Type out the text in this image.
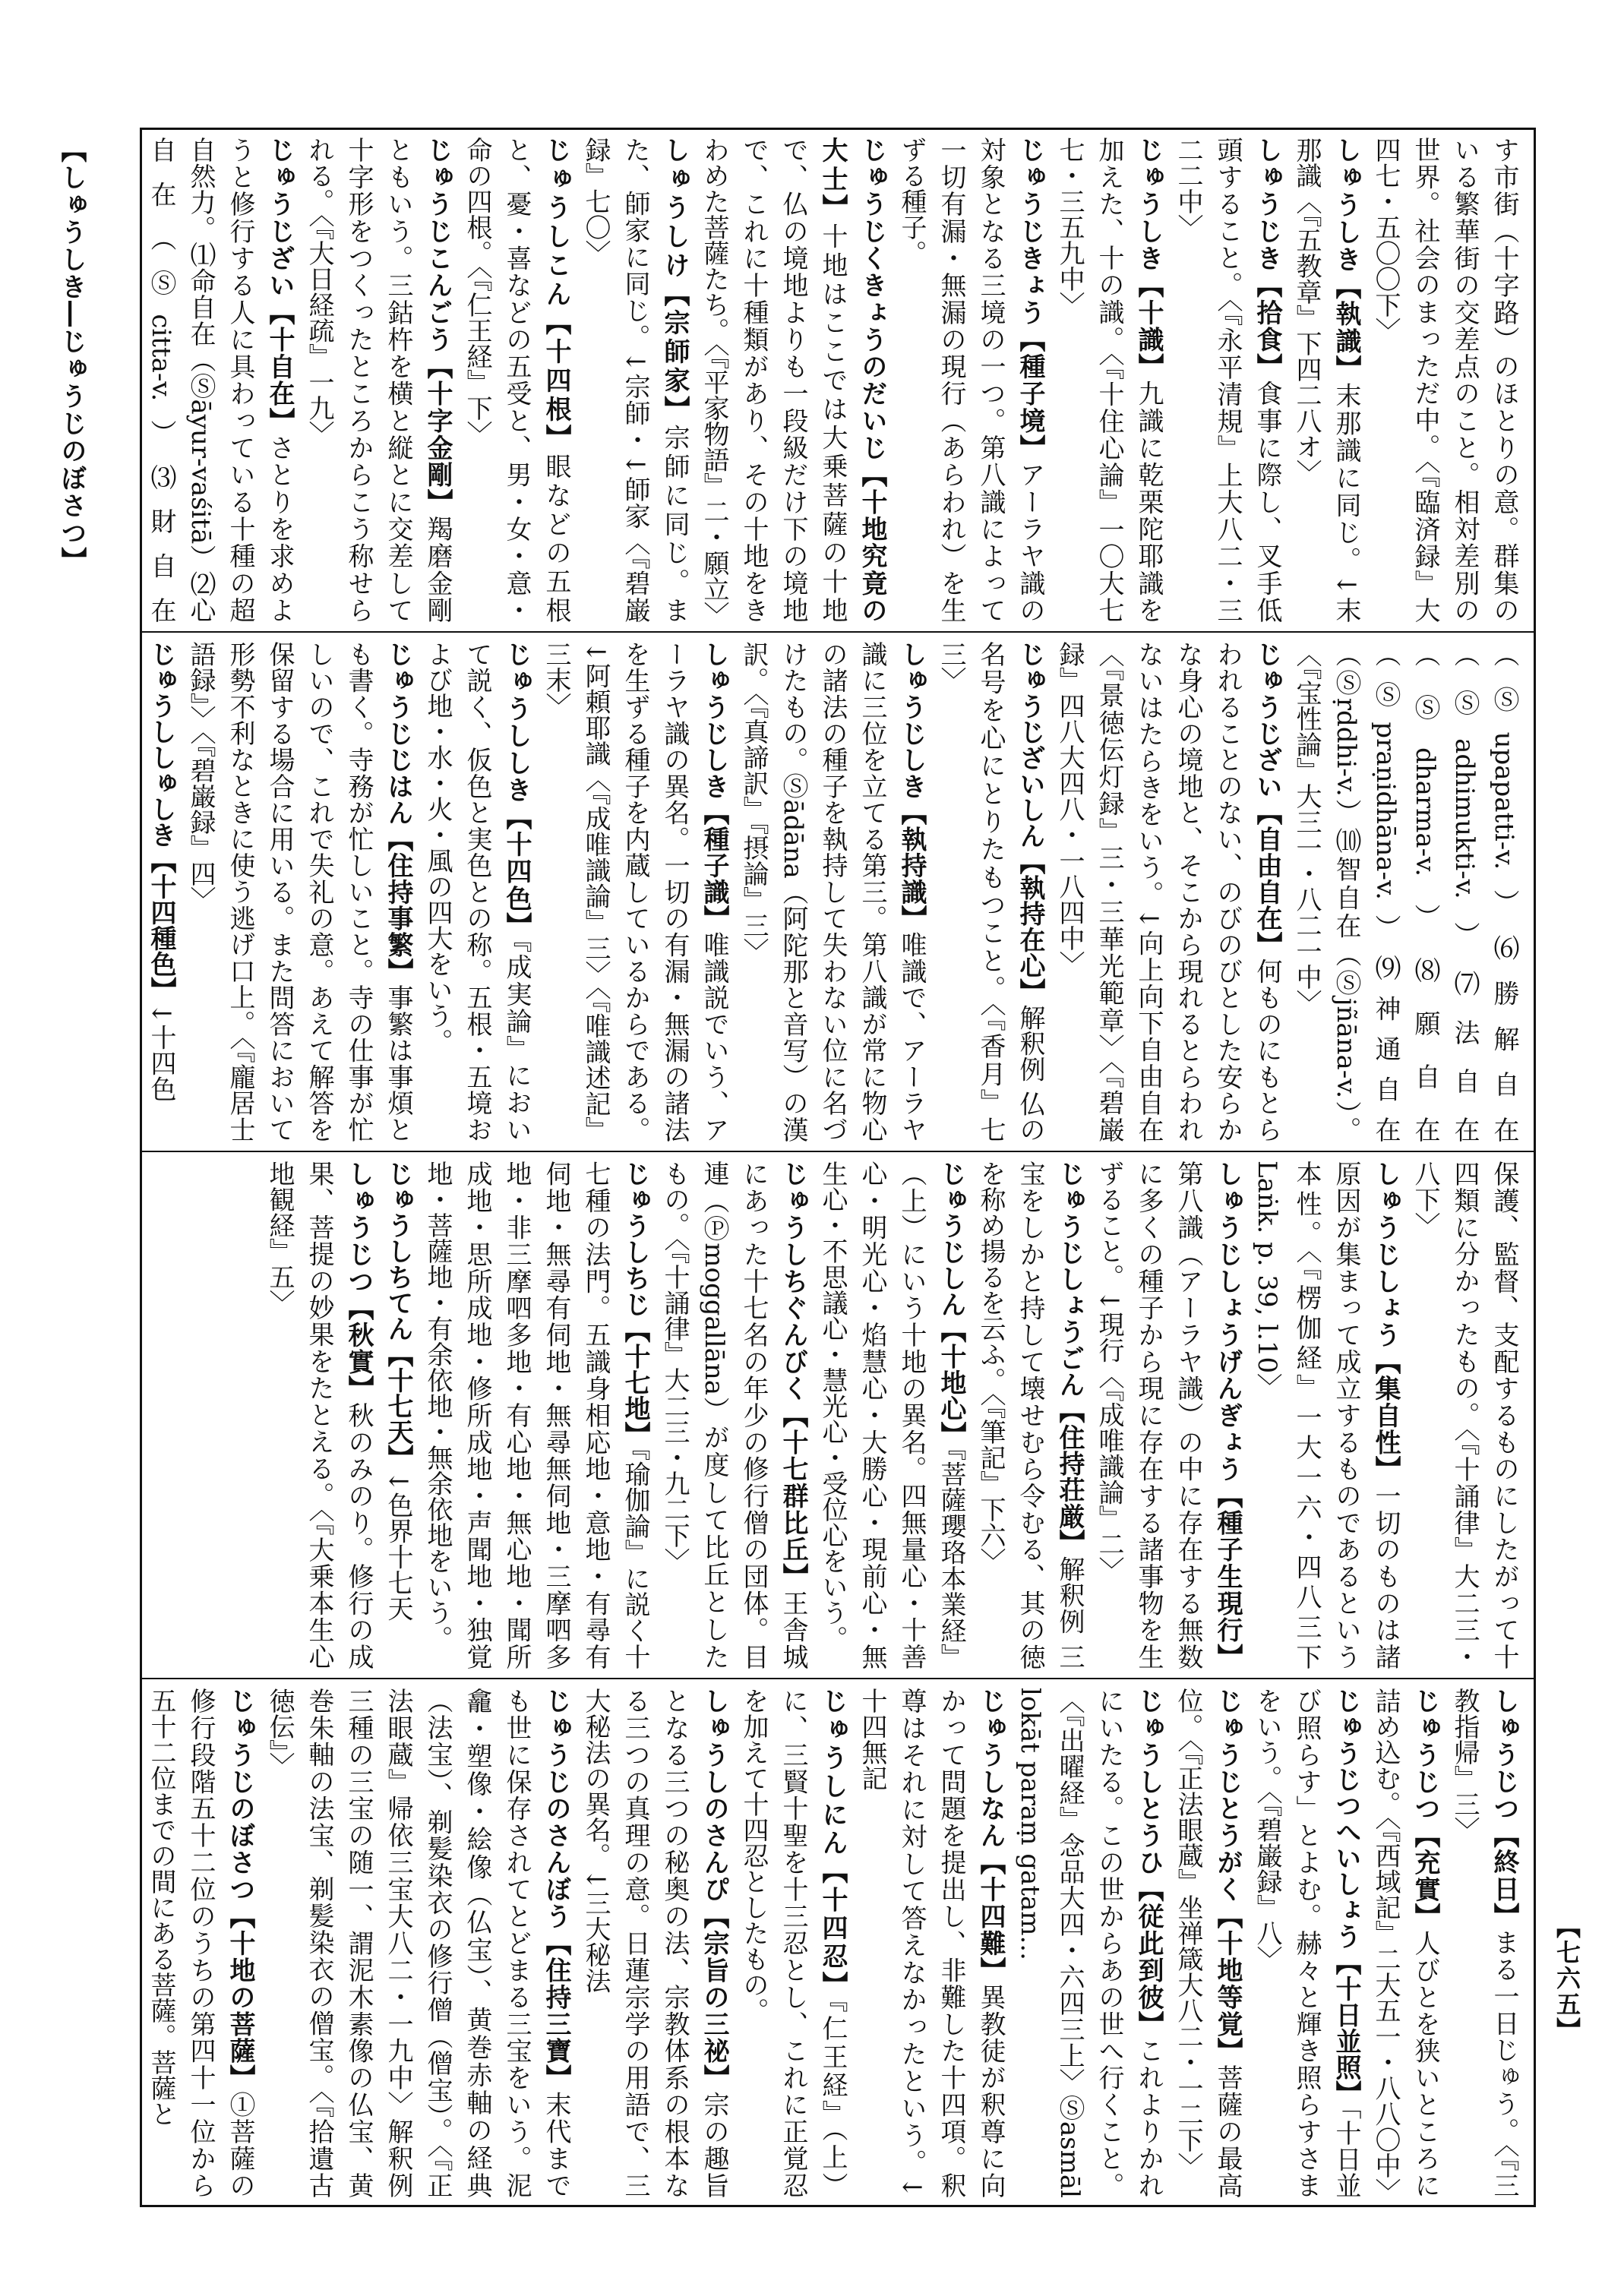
【しゅうしき―じゅうじのぼさつ】
【七六五】

す市街（十字路）のほとりの意。群集のいる繁華街の交差点のこと。相対差別の世界。社会のまっただ中。〈『臨済録』大四七・五〇〇下〉

しゅうしき【執識】末那識に同じ。↓末那識〈『五教章』下四二八オ〉

しゅうじき【拾食】食事に際し、叉手低頭すること。〈『永平清規』上大八二・三二二中〉

じゅうしき【十識】九識に乾栗陀耶識を加えた、十の識。〈『十住心論』一〇大七七・三五九中〉

じゅうじきょう【種子境】アーラヤ識の対象となる三境の一つ。第八識によって一切有漏・無漏の現行（あらわれ）を生ずる種子。

じゅうじくきょうのだいじ【十地究竟の大士】十地はここでは大乗菩薩の十地で、仏の境地よりも一段級だけ下の境地で、これに十種類があり、その十地をきわめた菩薩たち。〈『平家物語』二・願立〉

しゅうしけ【宗師家】宗師に同じ。また、師家に同じ。↓宗師・↓師家〈『碧巌録』七〇〉

じゅうしこん【十四根】眼などの五根と、憂・喜などの五受と、男・女・意・命の四根。〈『仁王経』下〉

じゅうじこんごう【十字金剛】羯磨金剛ともいう。三鈷杵を横と縦とに交差して十字形をつくったところからこう称せられる。〈『大日経疏』一九〉

じゅうじざい【十自在】さとりを求めようと修行する人に具わっている十種の超自然力。⑴命自在（Ⓢāyur-vaśitā）⑵心自在（Ⓢcitta-v.）⑶財自在

（Ⓢupapatti-v.）⑹勝解自在（Ⓢadhimukti-v.）⑺法自在（Ⓢdharma-v.）⑻願自在（Ⓢpraṇidhāna-v.）⑼神通自在（Ⓢṛddhi-v.）⑽智自在（Ⓢjñāna-v.）。〈『宝性論』大三一・八二一中〉

じゅうじざい【自由自在】何ものにもとらわれることのない、のびのびとした安らかな身心の境地と、そこから現れるとらわれないはたらきをいう。↓向上向下自由自在〈『景徳伝灯録』三・三華光範章〉〈『碧巌録』四八大四八・一八四中〉

じゅうじざいしん【執持在心】解釈例 仏の名号を心にとりたもつこと。〈『香月』七三〉

しゅうじしき【執持識】唯識で、アーラヤ識に三位を立てる第三。第八識が常に物心の諸法の種子を執持して失わない位に名づけたもの。Ⓢādāna（阿陀那と音写）の漢訳。〈『真諦訳』『摂論』三〉

しゅうじしき【種子識】唯識説でいう、アーラヤ識の異名。一切の有漏・無漏の諸法を生ずる種子を内蔵しているからである。↓阿頼耶識〈『成唯識論』三〉〈『唯識述記』三末〉

じゅうししき【十四色】『成実論』において説く、仮色と実色との称。五根・五境および地・水・火・風の四大をいう。

じゅうじじはん【住持事繁】事繁は事煩とも書く。寺務が忙しいこと。寺の仕事が忙しいので、これで失礼の意。あえて解答を保留する場合に用いる。また問答において形勢不利なときに使う逃げ口上。〈『龐居士語録』〉〈『碧巌録』四〉

じゅうししゅしき【十四種色】↓十四色

保護、監督、支配するものにしたがって十四類に分かったもの。〈『十誦律』大二三・八下〉

しゅうじしょう【集自性】一切のものは諸原因が集まって成立するものであるという本性。〈『楞伽経』一大一六・四八三下 Laṅk. p. 39, l.10〉

しゅうじしょうげんぎょう【種子生現行】第八識（アーラヤ識）の中に存在する無数に多くの種子から現に存在する諸事物を生ずること。↓現行〈『成唯識論』二〉

じゅうじしょうごん【住持荘厳】解釈例 三宝をしかと持して壊せむら令むる、其の徳を称め揚るを云ふ。〈『筆記』下六〉

じゅうじしん【十地心】『菩薩瓔珞本業経』（上）にいう十地の異名。四無量心・十善心・明光心・焰慧心・大勝心・現前心・無生心・不思議心・慧光心・受位心をいう。

じゅうしちぐんびく【十七群比丘】王舎城にあった十七名の年少の修行僧の団体。目連（Ⓟmoggallāna）が度して比丘としたもの。〈『十誦律』大二三・九二下〉

じゅうしちじ【十七地】『瑜伽論』に説く十七種の法門。五識身相応地・意地・有尋有伺地・無尋有伺地・無尋無伺地・三摩呬多地・非三摩呬多地・有心地・無心地・聞所成地・思所成地・修所成地・声聞地・独覚地・菩薩地・有余依地・無余依地をいう。

じゅうしちてん【十七天】↓色界十七天

しゅうじつ【秋實】秋のみのり。修行の成果、菩提の妙果をたとえる。〈『大乗本生心地観経』五〉

しゅうじつ【終日】まる一日じゅう。〈『三教指帰』三〉

じゅうじつ【充實】人びとを狭いところに詰め込む。〈『西域記』二大五一・八八〇中〉

じゅうじつへいしょう【十日並照】「十日並び照らす」とよむ。赫々と輝き照らすさまをいう。〈『碧巌録』八〉

じゅうじとうがく【十地等覚】菩薩の最高位。〈『正法眼蔵』坐禅箴大八二・一二下〉

じゅうしとうひ【従此到彼】これよりかれにいたる。この世からあの世へ行くこと。〈『出曜経』念品大四・六四三上〉Ⓢasmāl lokāt paraṃ gatam...

じゅうしなん【十四難】異教徒が釈尊に向かって問題を提出し、非難した十四項。釈尊はそれに対して答えなかったという。↓十四無記

じゅうしにん【十四忍】『仁王経』（上）に、三賢十聖を十三忍とし、これに正覚忍を加えて十四忍としたもの。

しゅうしのさんぴ【宗旨の三祕】宗の趣旨となる三つの秘奥の法、宗教体系の根本なる三つの真理の意。日蓮宗学の用語で、三大秘法の異名。↓三大秘法

じゅうじのさんぼう【住持三寶】末代までも世に保存されてとどまる三宝をいう。泥龕・塑像・絵像（仏宝）、黄巻赤軸の経典（法宝）、剃髪染衣の修行僧（僧宝）。〈『正法眼蔵』帰依三宝大八二・一九中〉解釈例 三種の三宝の随一、謂泥木素像の仏宝、黄巻朱軸の法宝、剃髪染衣の僧宝。〈『拾遺古徳伝』〉

じゅうじのぼさつ【十地の菩薩】①菩薩の修行段階五十二位のうちの第四十一位から五十二位までの間にある菩薩。菩薩と
